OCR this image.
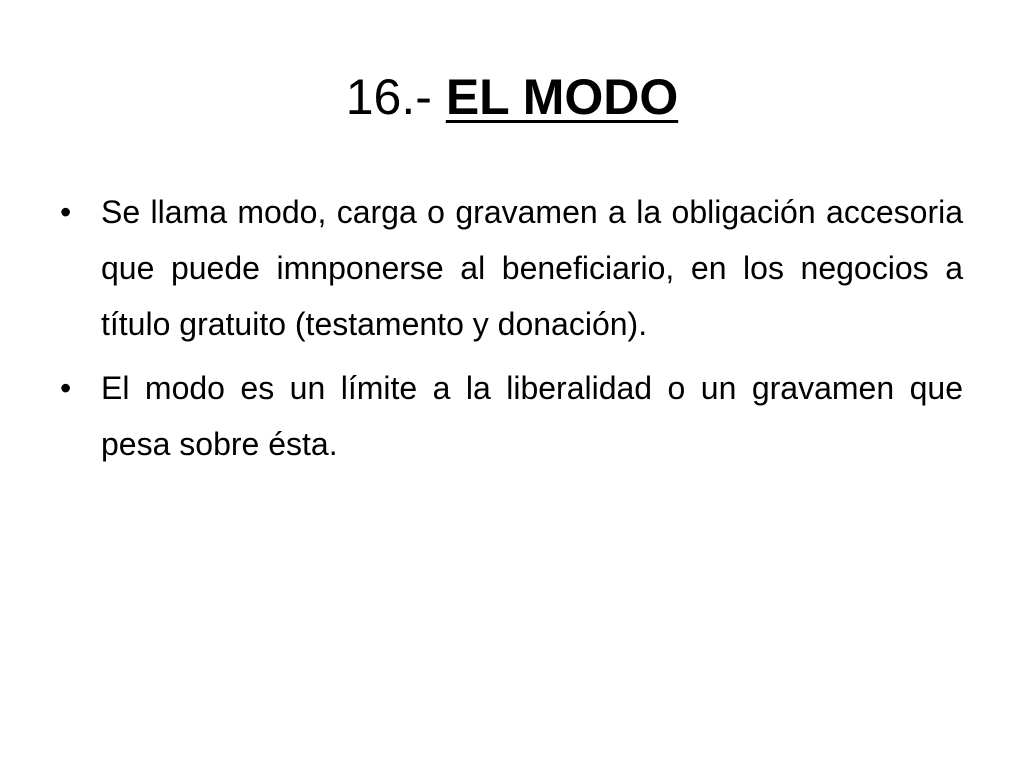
16.- EL MODO
• Se llama modo, carga o gravamen a la obligación accesoria que puede imnponerse al beneficiario, en los negocios a título gratuito (testamento y donación).
• El modo es un límite a la liberalidad o un gravamen que pesa sobre ésta.
